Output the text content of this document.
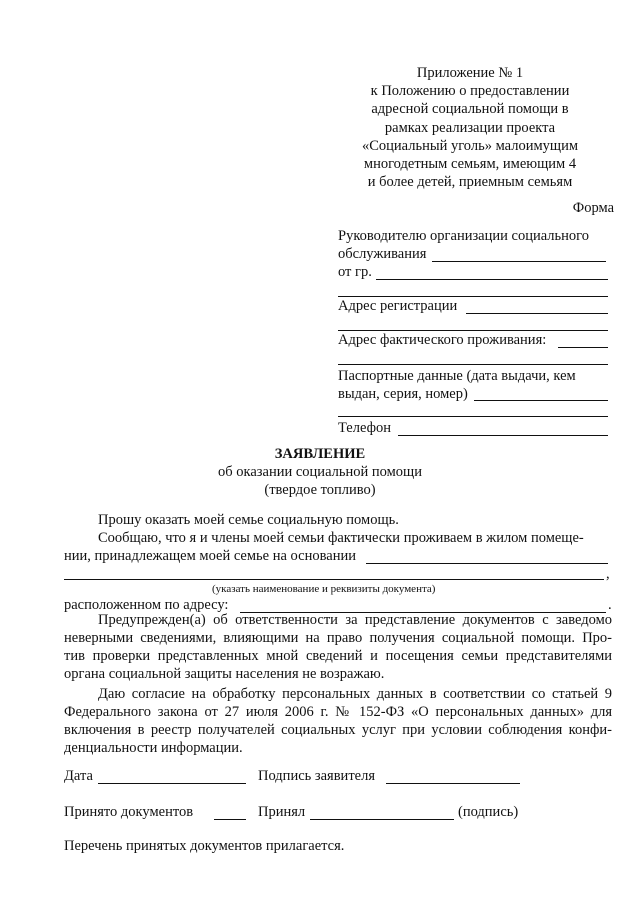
Приложение № 1
к Положению о предоставлении
адресной социальной помощи в
рамках реализации проекта
«Социальный уголь» малоимущим
многодетным семьям, имеющим 4
и более детей, приемным семьям
Форма
Руководителю организации социального
обслуживания
от гр.
Адрес регистрации
Адрес фактического проживания:
Паспортные данные (дата выдачи, кем
выдан, серия, номер)
Телефон
ЗАЯВЛЕНИЕ
об оказании социальной помощи
(твердое топливо)
Прошу оказать моей семье социальную помощь.
Сообщаю, что я и члены моей семьи фактически проживаем в жилом помеще-
нии, принадлежащем моей семье на основании
,
(указать наименование и реквизиты документа)
расположенном по адресу:	.
Предупрежден(а) об ответственности за представление документов с заведомо
неверными сведениями, влияющими на право получения социальной помощи. Про-
тив проверки представленных мной сведений и посещения семьи представителями
органа социальной защиты населения не возражаю.
Даю согласие на обработку персональных данных в соответствии со статьей 9
Федерального закона от 27 июля 2006 г. № 152-ФЗ «О персональных данных» для
включения в реестр получателей социальных услуг при условии соблюдения конфи-
денциальности информации.
Дата	Подпись заявителя
Принято документов	Принял	(подпись)
Перечень принятых документов прилагается.
